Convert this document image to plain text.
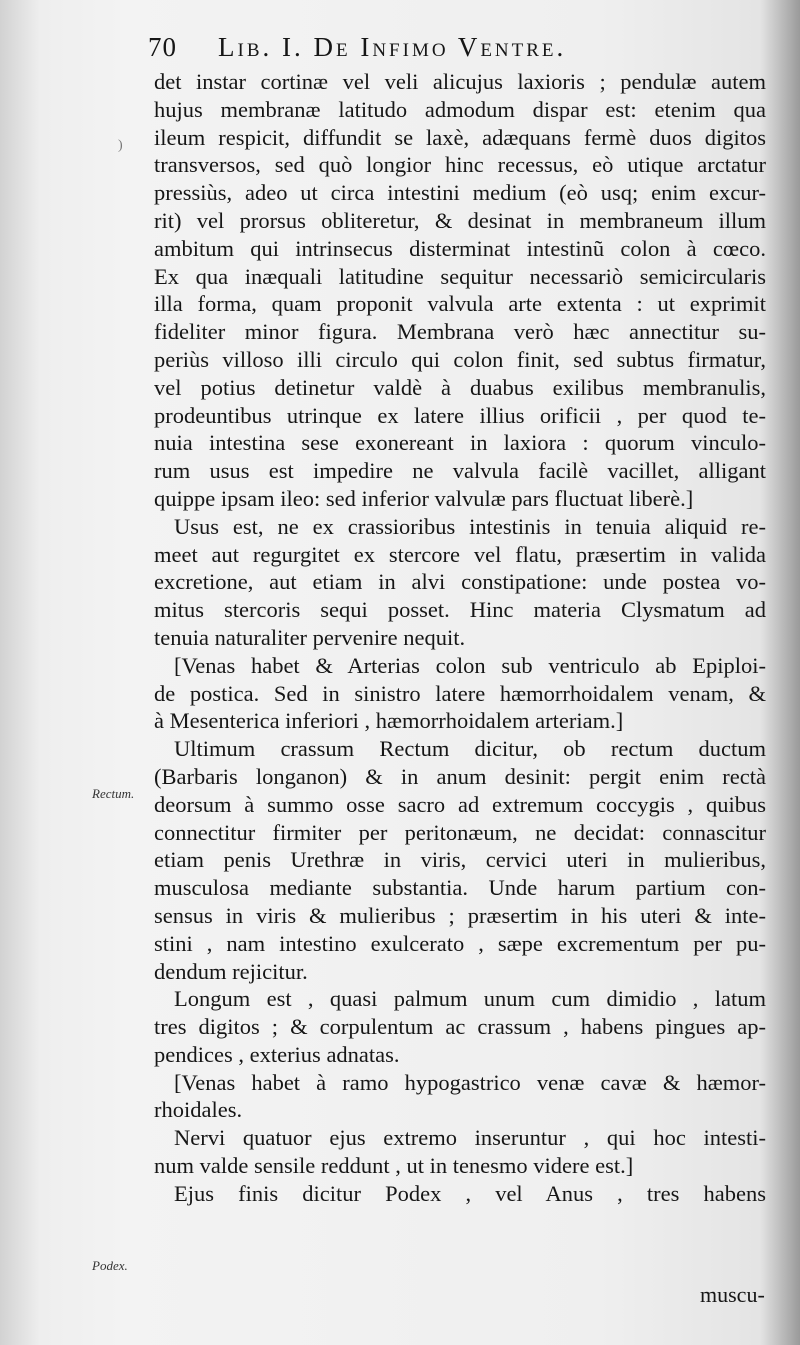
70 Lib. I. De Infimo Ventre.
)
det instar cortinæ vel veli alicujus laxioris ; pendulæ autem
hujus membranæ latitudo admodum dispar est: etenim qua
ileum respicit, diffundit se laxè, adæquans fermè duos digitos
transversos, sed quò longior hinc recessus, eò utique arctatur
pressiùs, adeo ut circa intestini medium (eò usq; enim excur-
rit) vel prorsus obliteretur, & desinat in membraneum illum
ambitum qui intrinsecus disterminat intestinũ colon à cœco.
Ex qua inæquali latitudine sequitur necessariò semicircularis
illa forma, quam proponit valvula arte extenta : ut exprimit
fideliter minor figura. Membrana verò hæc annectitur su-
periùs villoso illi circulo qui colon finit, sed subtus firmatur,
vel potius detinetur valdè à duabus exilibus membranulis,
prodeuntibus utrinque ex latere illius orificii , per quod te-
nuia intestina sese exonereant in laxiora : quorum vinculo-
rum usus est impedire ne valvula facilè vacillet, alligant
quippe ipsam ileo: sed inferior valvulæ pars fluctuat liberè.]
Usus est, ne ex crassioribus intestinis in tenuia aliquid re-
meet aut regurgitet ex stercore vel flatu, præsertim in valida
excretione, aut etiam in alvi constipatione: unde postea vo-
mitus stercoris sequi posset. Hinc materia Clysmatum ad
tenuia naturaliter pervenire nequit.
[Venas habet & Arterias colon sub ventriculo ab Epiploi-
de postica. Sed in sinistro latere hæmorrhoidalem venam, &
à Mesenterica inferiori , hæmorrhoidalem arteriam.]
Ultimum crassum Rectum dicitur, ob rectum ductum
(Barbaris longanon) & in anum desinit: pergit enim rectà
deorsum à summo osse sacro ad extremum coccygis , quibus
connectitur firmiter per peritonæum, ne decidat: connascitur
etiam penis Urethræ in viris, cervici uteri in mulieribus,
musculosa mediante substantia. Unde harum partium con-
sensus in viris & mulieribus ; præsertim in his uteri & inte-
stini , nam intestino exulcerato , sæpe excrementum per pu-
dendum rejicitur.
Longum est , quasi palmum unum cum dimidio , latum
tres digitos ; & corpulentum ac crassum , habens pingues ap-
pendices , exterius adnatas.
[Venas habet à ramo hypogastrico venæ cavæ & hæmor-
rhoidales.
Nervi quatuor ejus extremo inseruntur , qui hoc intesti-
num valde sensile reddunt , ut in tenesmo videre est.]
Ejus finis dicitur Podex , vel Anus , tres habens
Rectum.
Podex.
muscu-
